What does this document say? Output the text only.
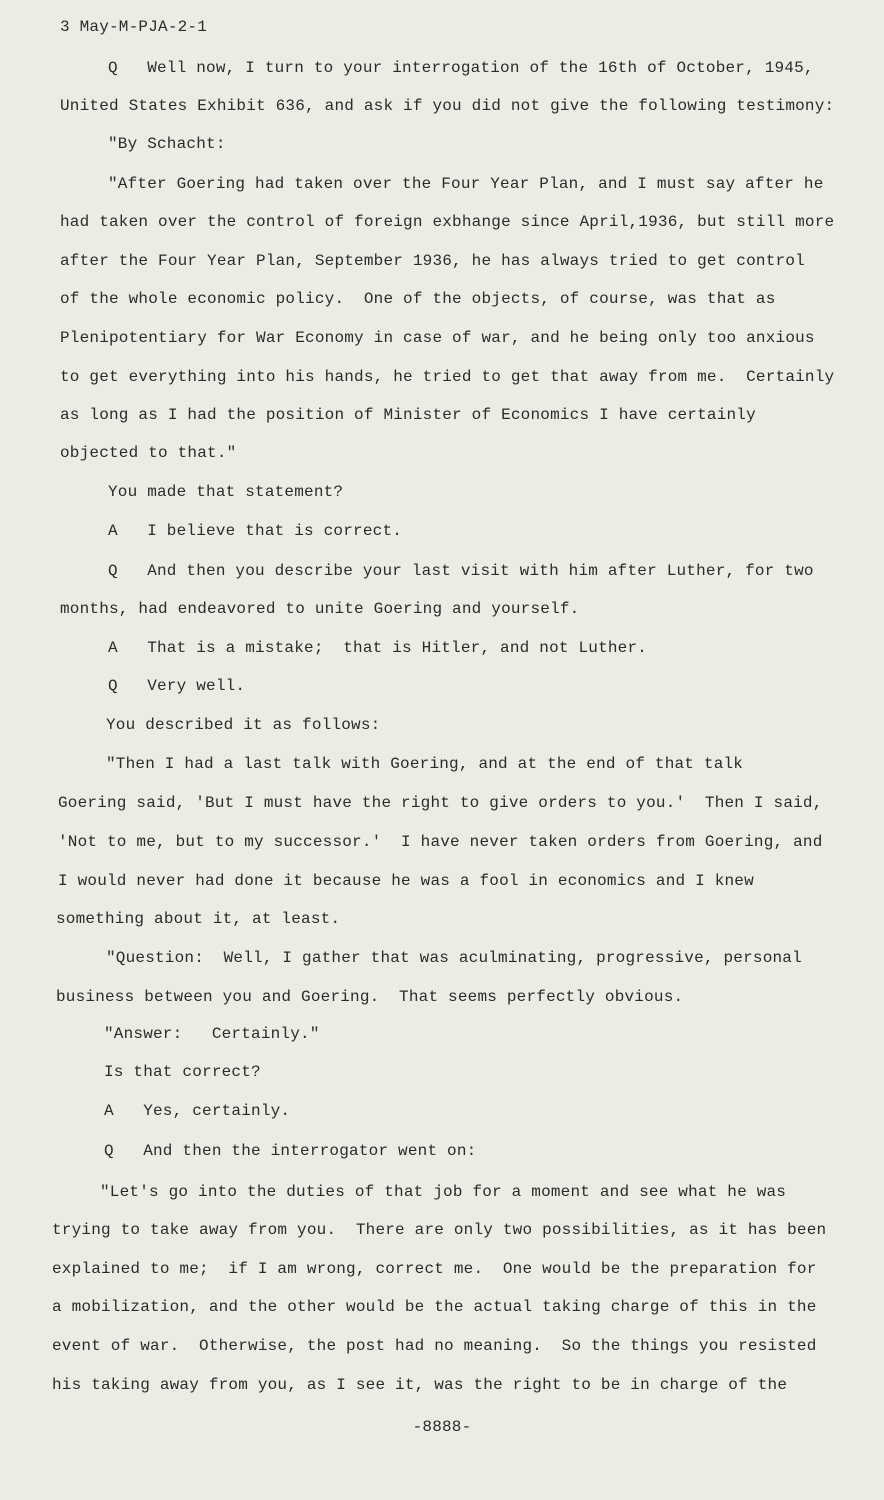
3 May-M-PJA-2-1
Q   Well now, I turn to your interrogation of the 16th of October, 1945,
United States Exhibit 636, and ask if you did not give the following testimony:
"By Schacht:
"After Goering had taken over the Four Year Plan, and I must say after he
had taken over the control of foreign exbhange since April,1936, but still more
after the Four Year Plan, September 1936, he has always tried to get control
of the whole economic policy.  One of the objects, of course, was that as
Plenipotentiary for War Economy in case of war, and he being only too anxious
to get everything into his hands, he tried to get that away from me.  Certainly
as long as I had the position of Minister of Economics I have certainly
objected to that."
You made that statement?
A   I believe that is correct.
Q   And then you describe your last visit with him after Luther, for two
months, had endeavored to unite Goering and yourself.
A   That is a mistake;  that is Hitler, and not Luther.
Q   Very well.
You described it as follows:
"Then I had a last talk with Goering, and at the end of that talk
Goering said, 'But I must have the right to give orders to you.'  Then I said,
'Not to me, but to my successor.'  I have never taken orders from Goering, and
I would never had done it because he was a fool in economics and I knew
something about it, at least.
"Question:  Well, I gather that was aculminating, progressive, personal
business between you and Goering.  That seems perfectly obvious.
"Answer:   Certainly."
Is that correct?
A   Yes, certainly.
Q   And then the interrogator went on:
"Let's go into the duties of that job for a moment and see what he was
trying to take away from you.  There are only two possibilities, as it has been
explained to me;  if I am wrong, correct me.  One would be the preparation for
a mobilization, and the other would be the actual taking charge of this in the
event of war.  Otherwise, the post had no meaning.  So the things you resisted
his taking away from you, as I see it, was the right to be in charge of the
-8888-
